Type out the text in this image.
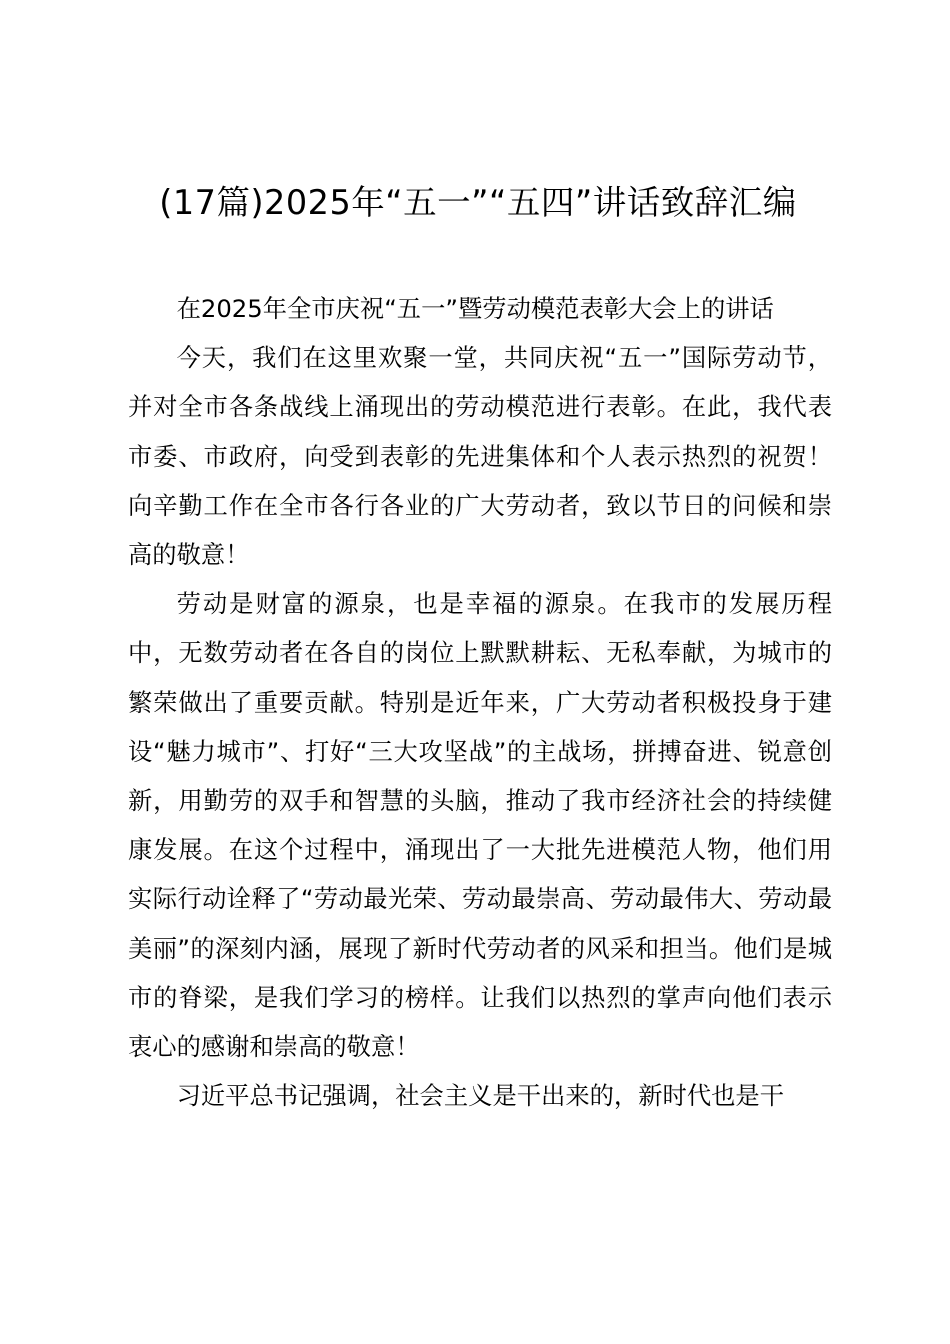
(17篇)2025年“五一”“五四”讲话致辞汇编

在2025年全市庆祝“五一”暨劳动模范表彰大会上的讲话

今天，我们在这里欢聚一堂，共同庆祝“五一”国际劳动节，并对全市各条战线上涌现出的劳动模范进行表彰。在此，我代表市委、市政府，向受到表彰的先进集体和个人表示热烈的祝贺！向辛勤工作在全市各行各业的广大劳动者，致以节日的问候和崇高的敬意！

劳动是财富的源泉，也是幸福的源泉。在我市的发展历程中，无数劳动者在各自的岗位上默默耕耘、无私奉献，为城市的繁荣做出了重要贡献。特别是近年来，广大劳动者积极投身于建设“魅力城市”、打好“三大攻坚战”的主战场，拼搏奋进、锐意创新，用勤劳的双手和智慧的头脑，推动了我市经济社会的持续健康发展。在这个过程中，涌现出了一大批先进模范人物，他们用实际行动诠释了“劳动最光荣、劳动最崇高、劳动最伟大、劳动最美丽”的深刻内涵，展现了新时代劳动者的风采和担当。他们是城市的脊梁，是我们学习的榜样。让我们以热烈的掌声向他们表示衷心的感谢和崇高的敬意！

习近平总书记强调，社会主义是干出来的，新时代也是干
